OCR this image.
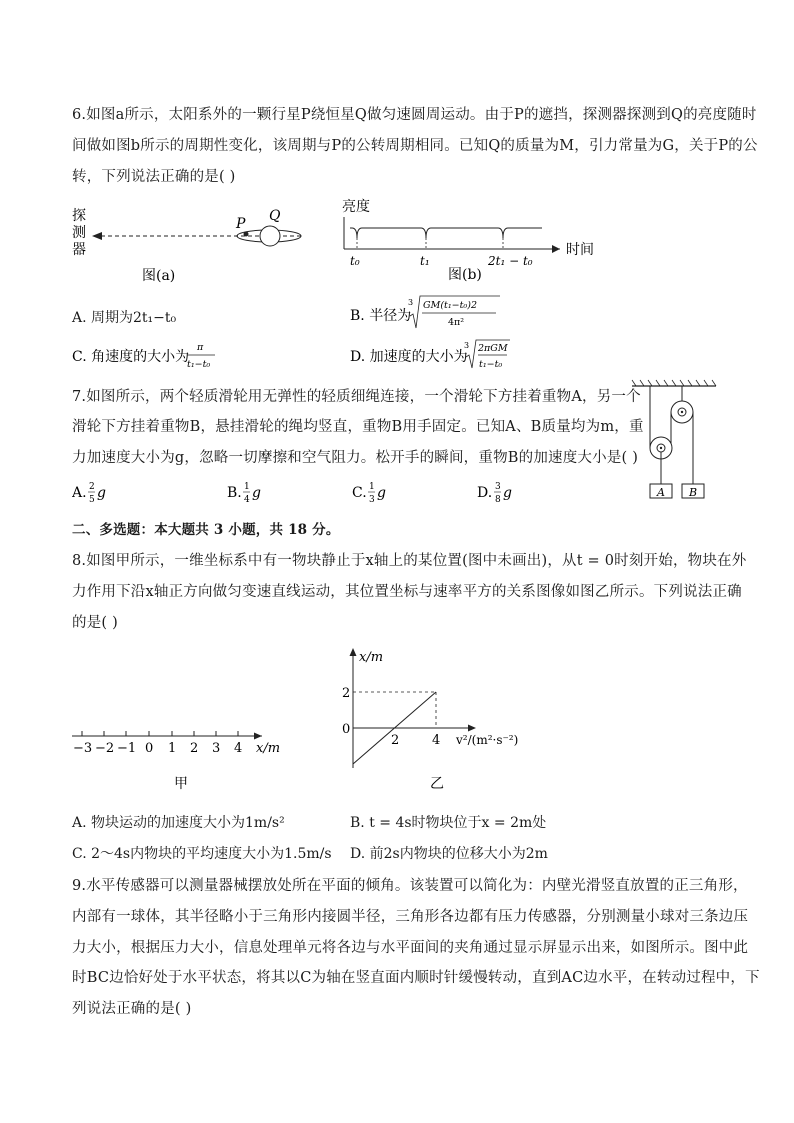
6.如图a所示，太阳系外的一颗行星P绕恒星Q做匀速圆周运动。由于P的遮挡，探测器探测到Q的亮度随时
间做如图b所示的周期性变化，该周期与P的公转周期相同。已知Q的质量为M，引力常量为G，关于P的公
转，下列说法正确的是( )
探
测
器
P Q
图(a)
亮度
t₀	t₁	2t₁ − t₀
时间
图(b)
A. 周期为2t₁−t₀	B. 半径为
3 GM(t₁−t₀)2
4π²
C. 角速度的大小为
π
t₁−t₀	D. 加速度的大小为
3 2πGM
t₁−t₀
7.如图所示，两个轻质滑轮用无弹性的轻质细绳连接，一个滑轮下方挂着重物A，另一个
滑轮下方挂着重物B，悬挂滑轮的绳均竖直，重物B用手固定。已知A、B质量均为m，重
力加速度大小为g，忽略一切摩擦和空气阻力。松开手的瞬间，重物B的加速度大小是( )
A B
A. 2
5 g	B. 1
4 g	C. 1
3 g	D. 3
8 g
二、多选题：本大题共 3 小题，共 18 分。
8.如图甲所示，一维坐标系中有一物块静止于x轴上的某位置(图中未画出)，从t = 0时刻开始，物块在外
力作用下沿x轴正方向做匀变速直线运动，其位置坐标与速率平方的关系图像如图乙所示。下列说法正确
的是( )
−3 −2 −1 0 1 2 3 4 x/m
甲
x/m
v²/(m²·s⁻²)
2
0
2	4
乙
A. 物块运动的加速度大小为1m/s²	B. t = 4s时物块位于x = 2m处
C. 2～4s内物块的平均速度大小为1.5m/s D. 前2s内物块的位移大小为2m
9.水平传感器可以测量器械摆放处所在平面的倾角。该装置可以简化为：内壁光滑竖直放置的正三角形，
内部有一球体，其半径略小于三角形内接圆半径，三角形各边都有压力传感器，分别测量小球对三条边压
力大小，根据压力大小，信息处理单元将各边与水平面间的夹角通过显示屏显示出来，如图所示。图中此
时BC边恰好处于水平状态，将其以C为轴在竖直面内顺时针缓慢转动，直到AC边水平，在转动过程中，下
列说法正确的是( )
